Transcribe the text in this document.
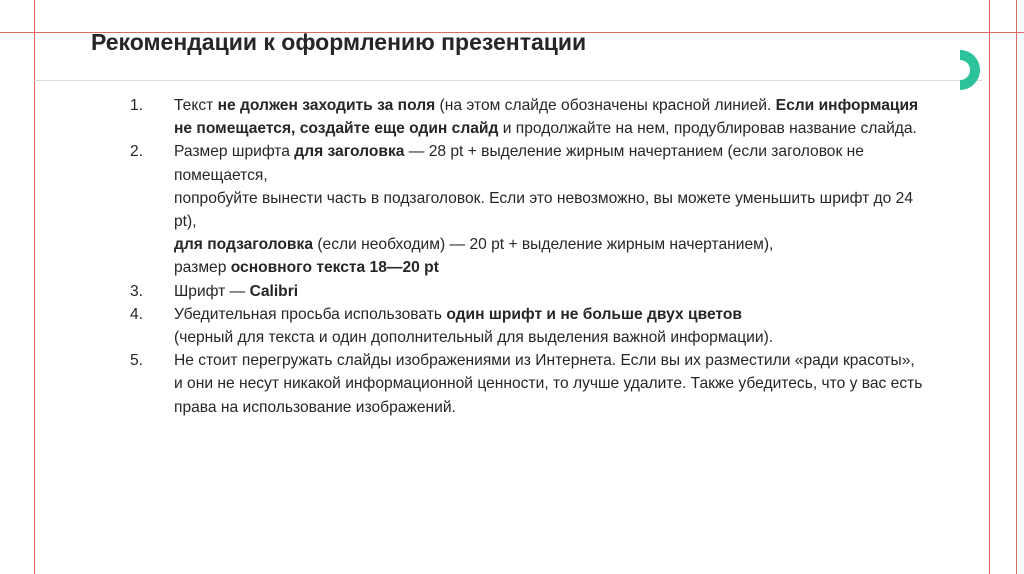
Рекомендации к оформлению презентации
1.	Текст не должен заходить за поля (на этом слайде обозначены красной линией. Если информация
не помещается, создайте еще один слайд и продолжайте на нем, продублировав название слайда.
2.	Размер шрифта для заголовка — 28 pt + выделение жирным начертанием (если заголовок не
помещается,
попробуйте вынести часть в подзаголовок. Если это невозможно, вы можете уменьшить шрифт до 24
pt),
для подзаголовка (если необходим) — 20 pt + выделение жирным начертанием),
размер основного текста 18—20 pt
3.	Шрифт — Calibri
4.	Убедительная просьба использовать один шрифт и не больше двух цветов
(черный для текста и один дополнительный для выделения важной информации).
5.	Не стоит перегружать слайды изображениями из Интернета. Если вы их разместили «ради красоты»,
и они не несут никакой информационной ценности, то лучше удалите. Также убедитесь, что у вас есть
права на использование изображений.
